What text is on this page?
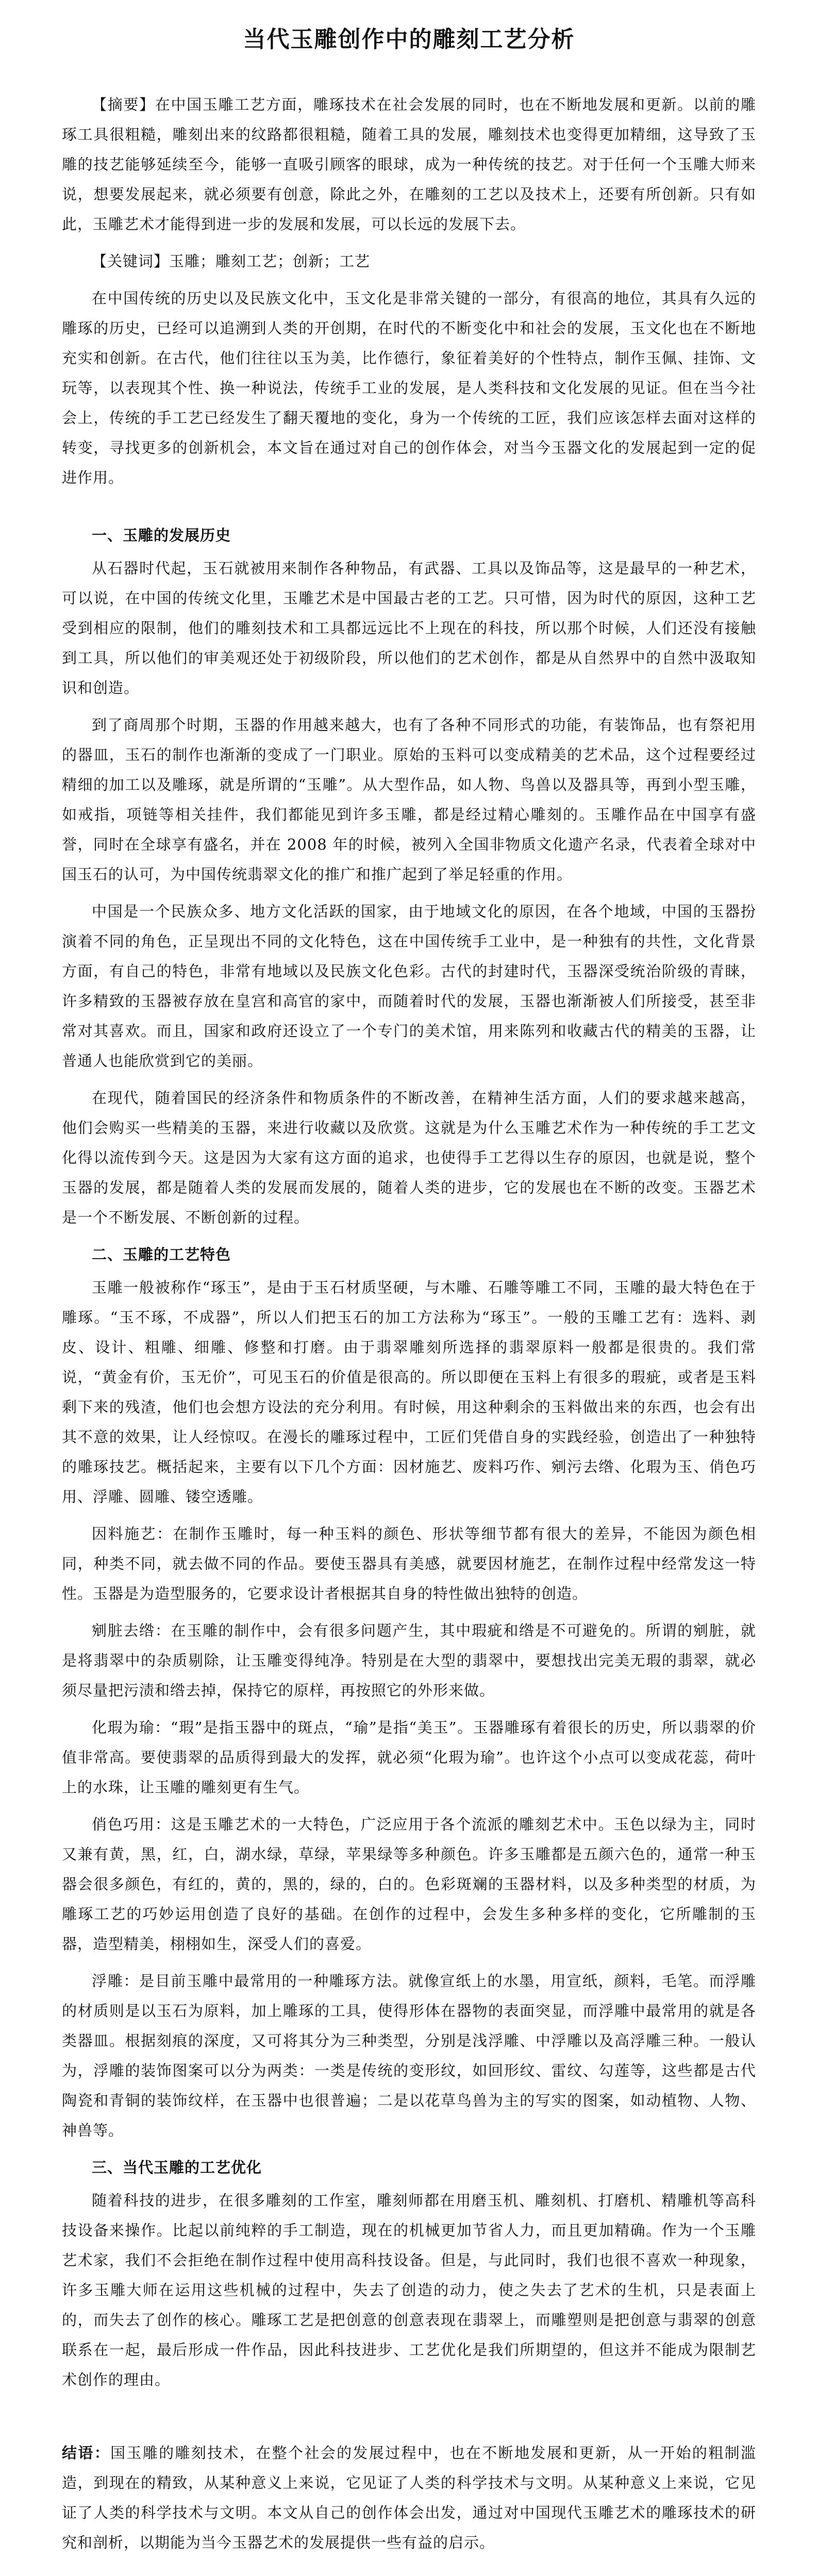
当代玉雕创作中的雕刻工艺分析

【摘要】在中国玉雕工艺方面，雕琢技术在社会发展的同时，也在不断地发展和更新。以前的雕琢工具很粗糙，雕刻出来的纹路都很粗糙，随着工具的发展，雕刻技术也变得更加精细，这导致了玉雕的技艺能够延续至今，能够一直吸引顾客的眼球，成为一种传统的技艺。对于任何一个玉雕大师来说，想要发展起来，就必须要有创意，除此之外，在雕刻的工艺以及技术上，还要有所创新。只有如此，玉雕艺术才能得到进一步的发展和发展，可以长远的发展下去。

【关键词】玉雕；雕刻工艺；创新；工艺

在中国传统的历史以及民族文化中，玉文化是非常关键的一部分，有很高的地位，其具有久远的雕琢的历史，已经可以追溯到人类的开创期，在时代的不断变化中和社会的发展，玉文化也在不断地充实和创新。在古代，他们往往以玉为美，比作德行，象征着美好的个性特点，制作玉佩、挂饰、文玩等，以表现其个性、换一种说法，传统手工业的发展，是人类科技和文化发展的见证。但在当今社会上，传统的手工艺已经发生了翻天覆地的变化，身为一个传统的工匠，我们应该怎样去面对这样的转变，寻找更多的创新机会，本文旨在通过对自己的创作体会，对当今玉器文化的发展起到一定的促进作用。

一、玉雕的发展历史

从石器时代起，玉石就被用来制作各种物品，有武器、工具以及饰品等，这是最早的一种艺术，可以说，在中国的传统文化里，玉雕艺术是中国最古老的工艺。只可惜，因为时代的原因，这种工艺受到相应的限制，他们的雕刻技术和工具都远远比不上现在的科技，所以那个时候，人们还没有接触到工具，所以他们的审美观还处于初级阶段，所以他们的艺术创作，都是从自然界中的自然中汲取知识和创造。

到了商周那个时期，玉器的作用越来越大，也有了各种不同形式的功能，有装饰品，也有祭祀用的器皿，玉石的制作也渐渐的变成了一门职业。原始的玉料可以变成精美的艺术品，这个过程要经过精细的加工以及雕琢，就是所谓的“玉雕”。从大型作品，如人物、鸟兽以及器具等，再到小型玉雕，如戒指，项链等相关挂件，我们都能见到许多玉雕，都是经过精心雕刻的。玉雕作品在中国享有盛誉，同时在全球享有盛名，并在 2008 年的时候，被列入全国非物质文化遗产名录，代表着全球对中国玉石的认可，为中国传统翡翠文化的推广和推广起到了举足轻重的作用。

中国是一个民族众多、地方文化活跃的国家，由于地域文化的原因，在各个地域，中国的玉器扮演着不同的角色，正呈现出不同的文化特色，这在中国传统手工业中，是一种独有的共性，文化背景方面，有自己的特色，非常有地域以及民族文化色彩。古代的封建时代，玉器深受统治阶级的青睐，许多精致的玉器被存放在皇宫和高官的家中，而随着时代的发展，玉器也渐渐被人们所接受，甚至非常对其喜欢。而且，国家和政府还设立了一个专门的美术馆，用来陈列和收藏古代的精美的玉器，让普通人也能欣赏到它的美丽。

在现代，随着国民的经济条件和物质条件的不断改善，在精神生活方面，人们的要求越来越高，他们会购买一些精美的玉器，来进行收藏以及欣赏。这就是为什么玉雕艺术作为一种传统的手工艺文化得以流传到今天。这是因为大家有这方面的追求，也使得手工艺得以生存的原因，也就是说，整个玉器的发展，都是随着人类的发展而发展的，随着人类的进步，它的发展也在不断的改变。玉器艺术是一个不断发展、不断创新的过程。

二、玉雕的工艺特色

玉雕一般被称作“琢玉”，是由于玉石材质坚硬，与木雕、石雕等雕工不同，玉雕的最大特色在于雕琢。“玉不琢，不成器”，所以人们把玉石的加工方法称为“琢玉”。一般的玉雕工艺有：选料、剥皮、设计、粗雕、细雕、修整和打磨。由于翡翠雕刻所选择的翡翠原料一般都是很贵的。我们常说，“黄金有价，玉无价”，可见玉石的价值是很高的。所以即便在玉料上有很多的瑕疵，或者是玉料剩下来的残渣，他们也会想方设法的充分利用。有时候，用这种剩余的玉料做出来的东西，也会有出其不意的效果，让人经惊叹。在漫长的雕琢过程中，工匠们凭借自身的实践经验，创造出了一种独特的雕琢技艺。概括起来，主要有以下几个方面：因材施艺、废料巧作、剜污去绺、化瑕为玉、俏色巧用、浮雕、圆雕、镂空透雕。

因料施艺：在制作玉雕时，每一种玉料的颜色、形状等细节都有很大的差异，不能因为颜色相同，种类不同，就去做不同的作品。要使玉器具有美感，就要因材施艺，在制作过程中经常发这一特性。玉器是为造型服务的，它要求设计者根据其自身的特性做出独特的创造。

剜脏去绺：在玉雕的制作中，会有很多问题产生，其中瑕疵和绺是不可避免的。所谓的剜脏，就是将翡翠中的杂质剔除，让玉雕变得纯净。特别是在大型的翡翠中，要想找出完美无瑕的翡翠，就必须尽量把污渍和绺去掉，保持它的原样，再按照它的外形来做。

化瑕为瑜：“瑕”是指玉器中的斑点，“瑜”是指“美玉”。玉器雕琢有着很长的历史，所以翡翠的价值非常高。要使翡翠的品质得到最大的发挥，就必须“化瑕为瑜”。也许这个小点可以变成花蕊，荷叶上的水珠，让玉雕的雕刻更有生气。

俏色巧用：这是玉雕艺术的一大特色，广泛应用于各个流派的雕刻艺术中。玉色以绿为主，同时又兼有黄，黑，红，白，湖水绿，草绿，苹果绿等多种颜色。许多玉雕都是五颜六色的，通常一种玉器会很多颜色，有红的，黄的，黑的，绿的，白的。色彩斑斓的玉器材料，以及多种类型的材质，为雕琢工艺的巧妙运用创造了良好的基础。在创作的过程中，会发生多种多样的变化，它所雕制的玉器，造型精美，栩栩如生，深受人们的喜爱。

浮雕：是目前玉雕中最常用的一种雕琢方法。就像宣纸上的水墨，用宣纸，颜料，毛笔。而浮雕的材质则是以玉石为原料，加上雕琢的工具，使得形体在器物的表面突显，而浮雕中最常用的就是各类器皿。根据刻痕的深度，又可将其分为三种类型，分别是浅浮雕、中浮雕以及高浮雕三种。一般认为，浮雕的装饰图案可以分为两类：一类是传统的变形纹，如回形纹、雷纹、勾莲等，这些都是古代陶瓷和青铜的装饰纹样，在玉器中也很普遍；二是以花草鸟兽为主的写实的图案，如动植物、人物、神兽等。

三、当代玉雕的工艺优化

随着科技的进步，在很多雕刻的工作室，雕刻师都在用磨玉机、雕刻机、打磨机、精雕机等高科技设备来操作。比起以前纯粹的手工制造，现在的机械更加节省人力，而且更加精确。作为一个玉雕艺术家，我们不会拒绝在制作过程中使用高科技设备。但是，与此同时，我们也很不喜欢一种现象，许多玉雕大师在运用这些机械的过程中，失去了创造的动力，使之失去了艺术的生机，只是表面上的，而失去了创作的核心。雕琢工艺是把创意的创意表现在翡翠上，而雕塑则是把创意与翡翠的创意联系在一起，最后形成一件作品，因此科技进步、工艺优化是我们所期望的，但这并不能成为限制艺术创作的理由。

结语：国玉雕的雕刻技术，在整个社会的发展过程中，也在不断地发展和更新，从一开始的粗制滥造，到现在的精致，从某种意义上来说，它见证了人类的科学技术与文明。从某种意义上来说，它见证了人类的科学技术与文明。本文从自己的创作体会出发，通过对中国现代玉雕艺术的雕琢技术的研究和剖析，以期能为当今玉器艺术的发展提供一些有益的启示。
